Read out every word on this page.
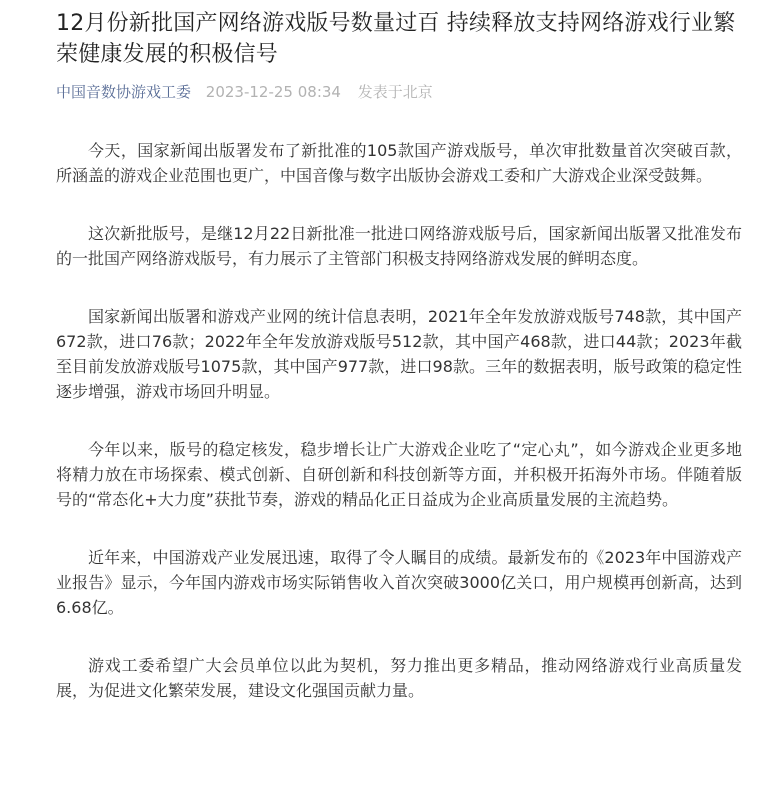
12月份新批国产网络游戏版号数量过百 持续释放支持网络游戏行业繁荣健康发展的积极信号
中国音数协游戏工委 2023-12-25 08:34 发表于北京

今天，国家新闻出版署发布了新批准的105款国产游戏版号，单次审批数量首次突破百款，所涵盖的游戏企业范围也更广，中国音像与数字出版协会游戏工委和广大游戏企业深受鼓舞。

这次新批版号，是继12月22日新批准一批进口网络游戏版号后，国家新闻出版署又批准发布的一批国产网络游戏版号，有力展示了主管部门积极支持网络游戏发展的鲜明态度。

国家新闻出版署和游戏产业网的统计信息表明，2021年全年发放游戏版号748款，其中国产672款，进口76款；2022年全年发放游戏版号512款，其中国产468款，进口44款；2023年截至目前发放游戏版号1075款，其中国产977款，进口98款。三年的数据表明，版号政策的稳定性逐步增强，游戏市场回升明显。

今年以来，版号的稳定核发，稳步增长让广大游戏企业吃了“定心丸”，如今游戏企业更多地将精力放在市场探索、模式创新、自研创新和科技创新等方面，并积极开拓海外市场。伴随着版号的“常态化+大力度”获批节奏，游戏的精品化正日益成为企业高质量发展的主流趋势。

近年来，中国游戏产业发展迅速，取得了令人瞩目的成绩。最新发布的《2023年中国游戏产业报告》显示，今年国内游戏市场实际销售收入首次突破3000亿关口，用户规模再创新高，达到6.68亿。

游戏工委希望广大会员单位以此为契机，努力推出更多精品，推动网络游戏行业高质量发展，为促进文化繁荣发展，建设文化强国贡献力量。
